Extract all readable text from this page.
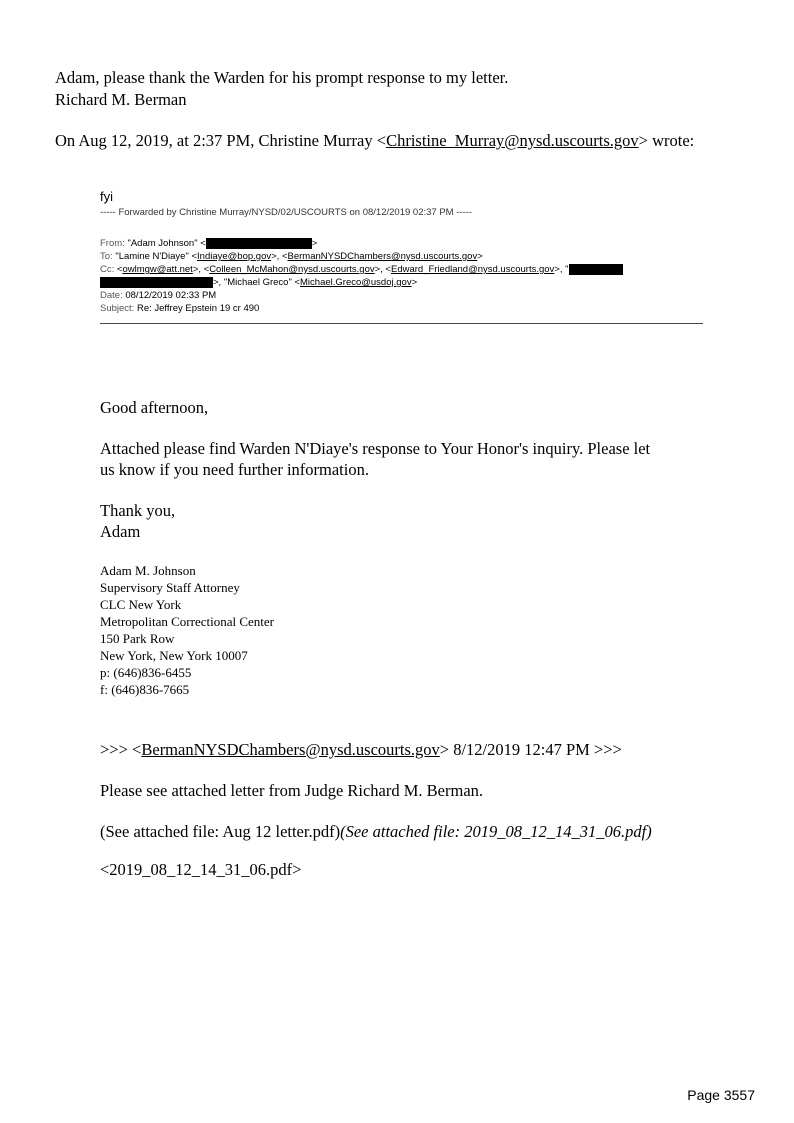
Adam, please thank the Warden for his prompt response to my letter.
Richard M. Berman
On Aug 12, 2019, at 2:37 PM, Christine Murray <Christine_Murray@nysd.uscourts.gov> wrote:
fyi
----- Forwarded by Christine Murray/NYSD/02/USCOURTS on 08/12/2019 02:37 PM -----
From: "Adam Johnson" <	>
To: "Lamine N'Diaye" <Indiaye@bop.gov>, <BermanNYSDChambers@nysd.uscourts.gov>
Cc: <owlmgw@att.net>, <Colleen_McMahon@nysd.uscourts.gov>, <Edward_Friedland@nysd.uscourts.gov>, "
>, "Michael Greco" <Michael.Greco@usdoj.gov>
Date: 08/12/2019 02:33 PM
Subject: Re: Jeffrey Epstein 19 cr 490
Good afternoon,
Attached please find Warden N'Diaye's response to Your Honor's inquiry. Please let
us know if you need further information.
Thank you,
Adam
Adam M. Johnson
Supervisory Staff Attorney
CLC New York
Metropolitan Correctional Center
150 Park Row
New York, New York 10007
p: (646)836-6455
f: (646)836-7665
>>> <BermanNYSDChambers@nysd.uscourts.gov> 8/12/2019 12:47 PM >>>
Please see attached letter from Judge Richard M. Berman.
(See attached file: Aug 12 letter.pdf)(See attached file: 2019_08_12_14_31_06.pdf)
<2019_08_12_14_31_06.pdf>
Page 3557
